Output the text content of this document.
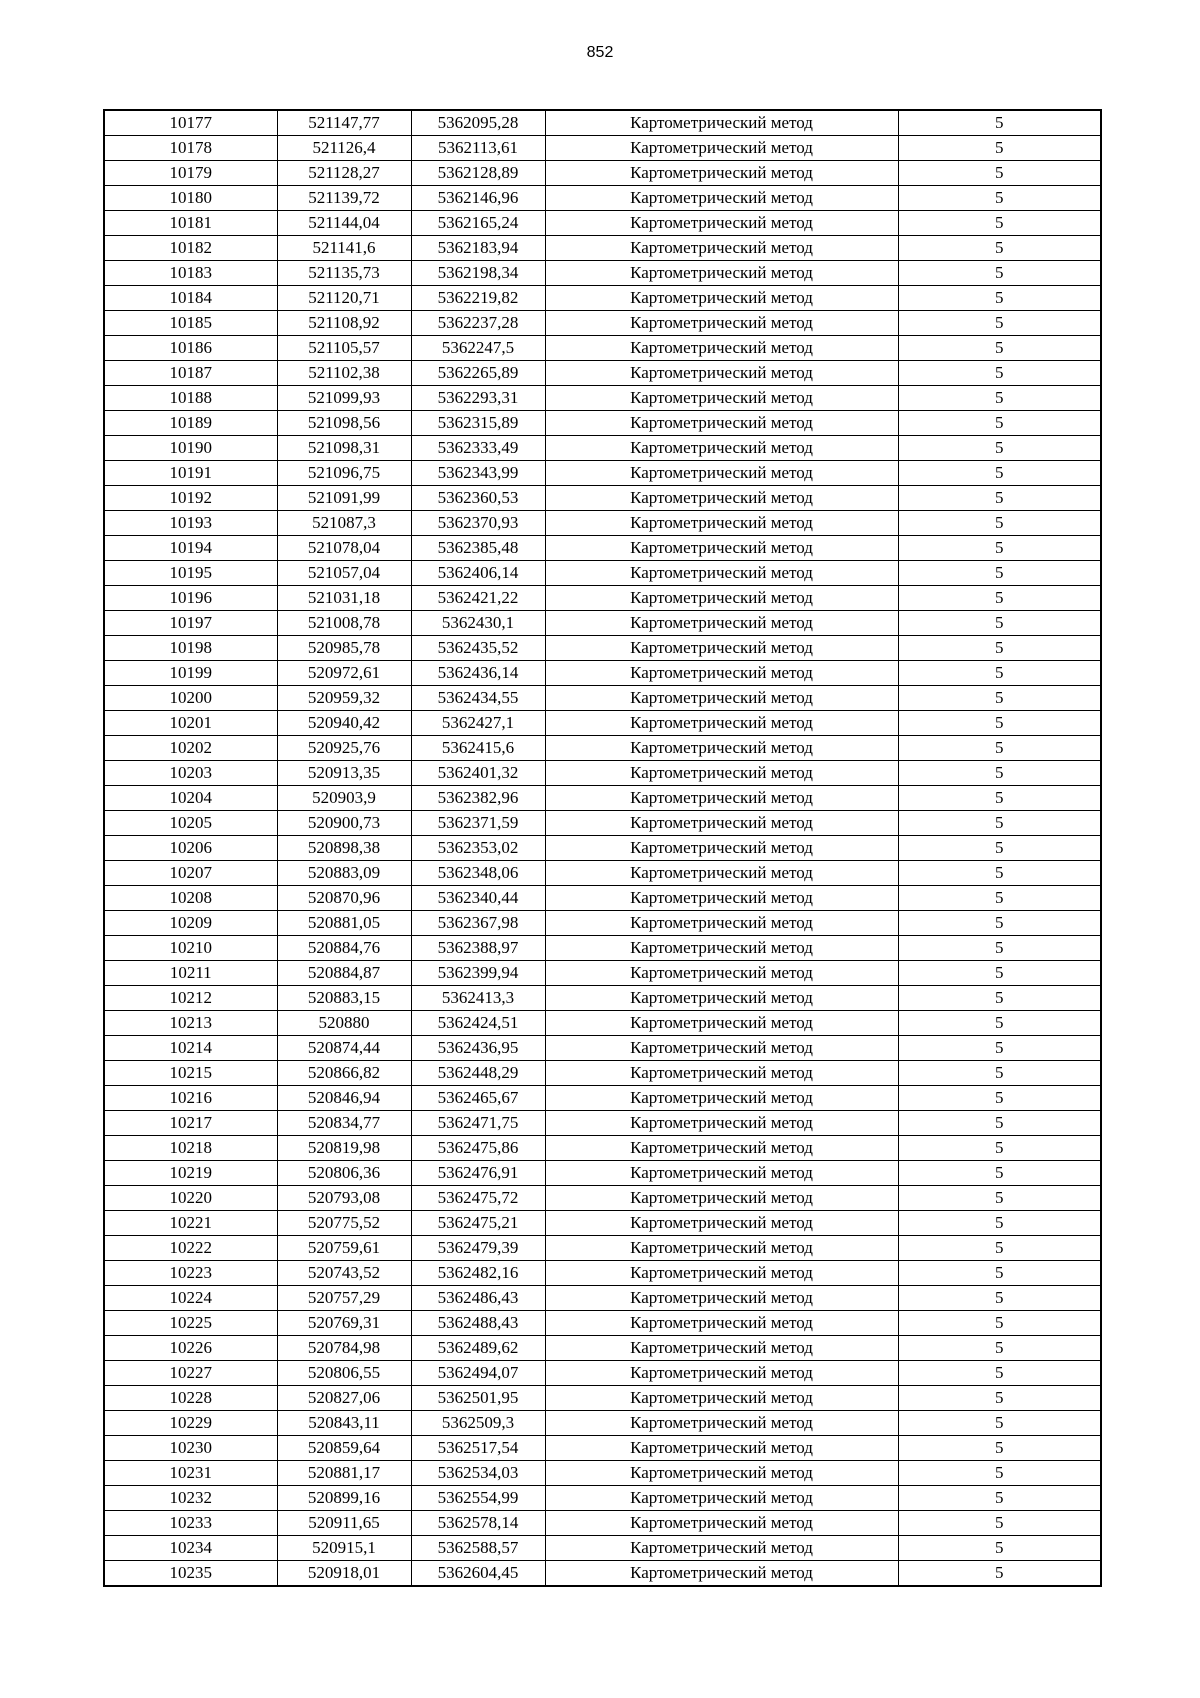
852
10177	521147,77	5362095,28	Картометрический метод	5
10178	521126,4	5362113,61	Картометрический метод	5
10179	521128,27	5362128,89	Картометрический метод	5
10180	521139,72	5362146,96	Картометрический метод	5
10181	521144,04	5362165,24	Картометрический метод	5
10182	521141,6	5362183,94	Картометрический метод	5
10183	521135,73	5362198,34	Картометрический метод	5
10184	521120,71	5362219,82	Картометрический метод	5
10185	521108,92	5362237,28	Картометрический метод	5
10186	521105,57	5362247,5	Картометрический метод	5
10187	521102,38	5362265,89	Картометрический метод	5
10188	521099,93	5362293,31	Картометрический метод	5
10189	521098,56	5362315,89	Картометрический метод	5
10190	521098,31	5362333,49	Картометрический метод	5
10191	521096,75	5362343,99	Картометрический метод	5
10192	521091,99	5362360,53	Картометрический метод	5
10193	521087,3	5362370,93	Картометрический метод	5
10194	521078,04	5362385,48	Картометрический метод	5
10195	521057,04	5362406,14	Картометрический метод	5
10196	521031,18	5362421,22	Картометрический метод	5
10197	521008,78	5362430,1	Картометрический метод	5
10198	520985,78	5362435,52	Картометрический метод	5
10199	520972,61	5362436,14	Картометрический метод	5
10200	520959,32	5362434,55	Картометрический метод	5
10201	520940,42	5362427,1	Картометрический метод	5
10202	520925,76	5362415,6	Картометрический метод	5
10203	520913,35	5362401,32	Картометрический метод	5
10204	520903,9	5362382,96	Картометрический метод	5
10205	520900,73	5362371,59	Картометрический метод	5
10206	520898,38	5362353,02	Картометрический метод	5
10207	520883,09	5362348,06	Картометрический метод	5
10208	520870,96	5362340,44	Картометрический метод	5
10209	520881,05	5362367,98	Картометрический метод	5
10210	520884,76	5362388,97	Картометрический метод	5
10211	520884,87	5362399,94	Картометрический метод	5
10212	520883,15	5362413,3	Картометрический метод	5
10213	520880	5362424,51	Картометрический метод	5
10214	520874,44	5362436,95	Картометрический метод	5
10215	520866,82	5362448,29	Картометрический метод	5
10216	520846,94	5362465,67	Картометрический метод	5
10217	520834,77	5362471,75	Картометрический метод	5
10218	520819,98	5362475,86	Картометрический метод	5
10219	520806,36	5362476,91	Картометрический метод	5
10220	520793,08	5362475,72	Картометрический метод	5
10221	520775,52	5362475,21	Картометрический метод	5
10222	520759,61	5362479,39	Картометрический метод	5
10223	520743,52	5362482,16	Картометрический метод	5
10224	520757,29	5362486,43	Картометрический метод	5
10225	520769,31	5362488,43	Картометрический метод	5
10226	520784,98	5362489,62	Картометрический метод	5
10227	520806,55	5362494,07	Картометрический метод	5
10228	520827,06	5362501,95	Картометрический метод	5
10229	520843,11	5362509,3	Картометрический метод	5
10230	520859,64	5362517,54	Картометрический метод	5
10231	520881,17	5362534,03	Картометрический метод	5
10232	520899,16	5362554,99	Картометрический метод	5
10233	520911,65	5362578,14	Картометрический метод	5
10234	520915,1	5362588,57	Картометрический метод	5
10235	520918,01	5362604,45	Картометрический метод	5
